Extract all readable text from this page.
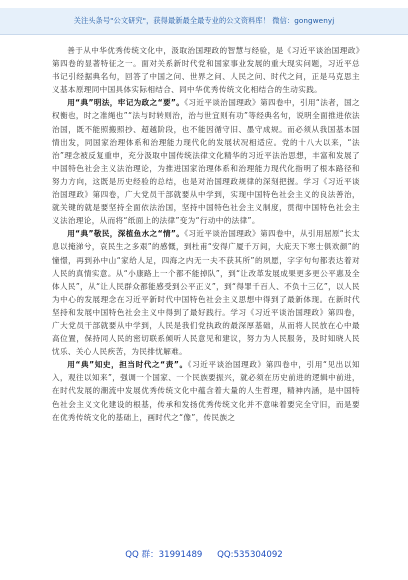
关注头条号"公文研究"，获得最新最全最专业的公文资料库！ 微信：gongwenyj

善于从中华优秀传统文化中，汲取治国理政的智慧与经验，是《习近平谈治国理政》第四卷的显著特征之一。面对关系新时代党和国家事业发展的重大现实问题，习近平总书记引经据典名句，回答了中国之问、世界之问、人民之问、时代之问，正是马克思主义基本原理同中国具体实际相结合、同中华优秀传统文化相结合的生动实践。

用“典”明法，牢记为政之“要”。《习近平谈治国理政》第四卷中，引用“法者，国之权衡也，时之准绳也”“法与时转则治，治与世宜则有功”等经典名句，说明全面推进依法治国，既不能照搬照抄、超越阶段，也不能因循守旧、墨守成规。而必须从我国基本国情出发，同国家治理体系和治理能力现代化的发展状况相适应。党的十八大以来，“法治”理念被反复重申，充分汲取中国传统法律文化精华的习近平法治思想，丰富和发展了中国特色社会主义法治理论，为推进国家治理体系和治理能力现代化指明了根本路径和努力方向，这既是历史经验的总结，也是对治国理政规律的深刻把握。学习《习近平谈治国理政》第四卷，广大党员干部就要从中学到，实现中国特色社会主义的良法善治，就关键的就是要坚持全面依法治国，坚持中国特色社会主义制度，贯彻中国特色社会主义法治理论，从而将“纸面上的法律”变为“行动中的法律”。

用“典”敬民，深植鱼水之“情”。《习近平谈治国理政》第四卷中，从引用屈原“长太息以掩涕兮，哀民生之多艰”的感慨，到杜甫“安得广厦千万间，大庇天下寒士俱欢颜”的憧憬，再到孙中山“家给人足，四海之内无一夫不获其所”的夙愿，字字句句都表达着对人民的真情实意。从“小康路上一个都不能掉队”，到“让改革发展成果更多更公平惠及全体人民”，从“让人民群众都能感受到公平正义”，到“得罪千百人、不负十三亿”，以人民为中心的发展理念在习近平新时代中国特色社会主义思想中得到了最新体现。在新时代坚持和发展中国特色社会主义中得到了最好践行。学习《习近平谈治国理政》第四卷，广大党员干部就要从中学到，人民是我们党执政的最深厚基础，从而将人民放在心中最高位置，保持同人民的密切联系倾听人民意见和建议，努力为人民服务，及时知晓人民忧乐、关心人民疾苦，为民排忧解难。

用“典”知史，担当时代之“责”。《习近平谈治国理政》第四卷中，引用“见出以知入，观往以知来”，强调一个国家、一个民族要振兴，就必须在历史前进的逻辑中前进，在时代发展的潮流中发展优秀传统文化中蕴含着大量的人生哲理，精神内涵，是中国特色社会主义文化建设的根基，传承和发扬优秀传统文化并不意味着要完全守旧，而是要在优秀传统文化的基础上，画时代之“像”，传民族之

QQ 群：31991489 QQ:535304092
